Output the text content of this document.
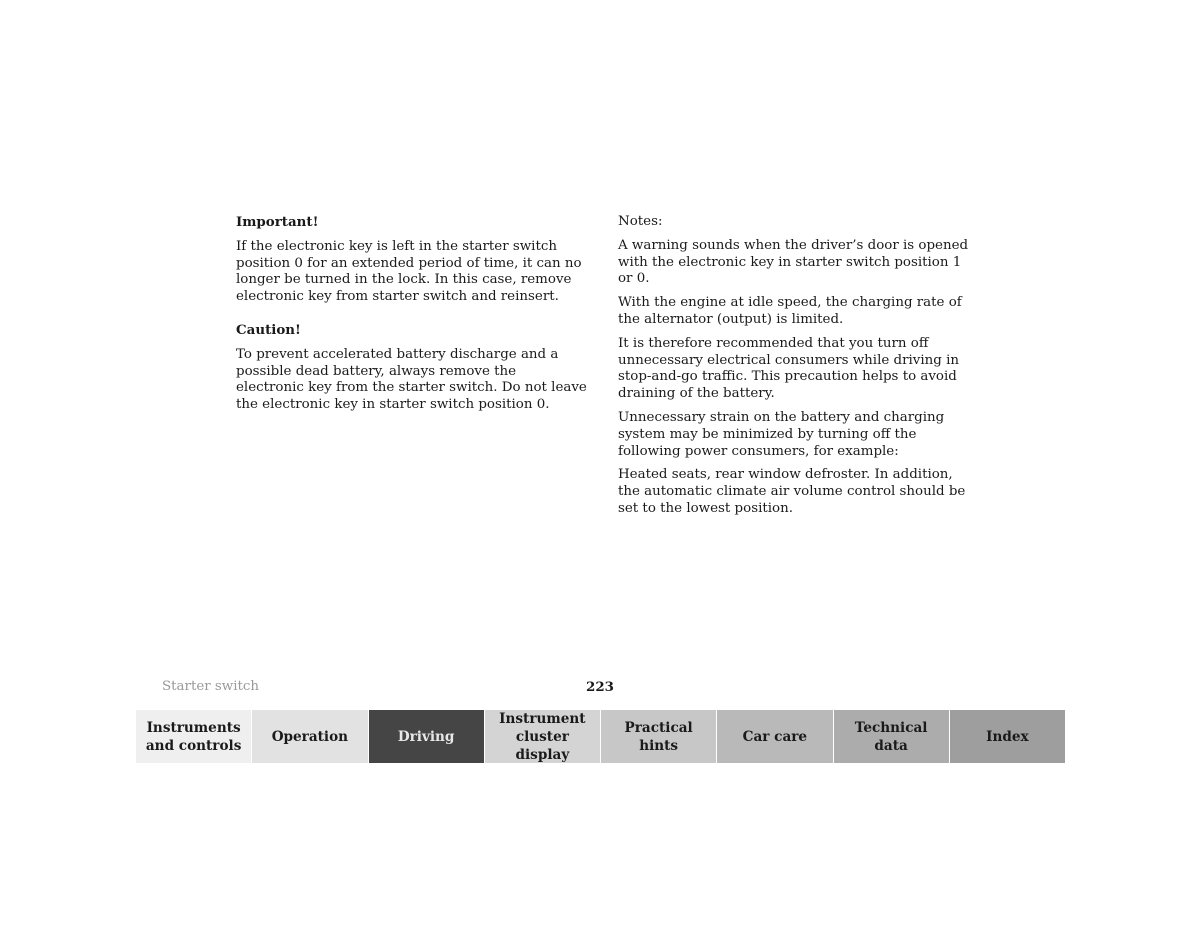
Important!

If the electronic key is left in the starter switch position 0 for an extended period of time, it can no longer be turned in the lock. In this case, remove electronic key from starter switch and reinsert.

Caution!

To prevent accelerated battery discharge and a possible dead battery, always remove the electronic key from the starter switch. Do not leave the electronic key in starter switch position 0.

Notes:

A warning sounds when the driver’s door is opened with the electronic key in starter switch position 1 or 0.

With the engine at idle speed, the charging rate of the alternator (output) is limited.

It is therefore recommended that you turn off unnecessary electrical consumers while driving in stop-and-go traffic. This precaution helps to avoid draining of the battery.

Unnecessary strain on the battery and charging system may be minimized by turning off the following power consumers, for example:

Heated seats, rear window defroster. In addition, the automatic climate air volume control should be set to the lowest position.

Starter switch	223
Instruments
and controls
Operation	Driving
Instrument
cluster display
Practical hints
Car care
Technical
data
Index
